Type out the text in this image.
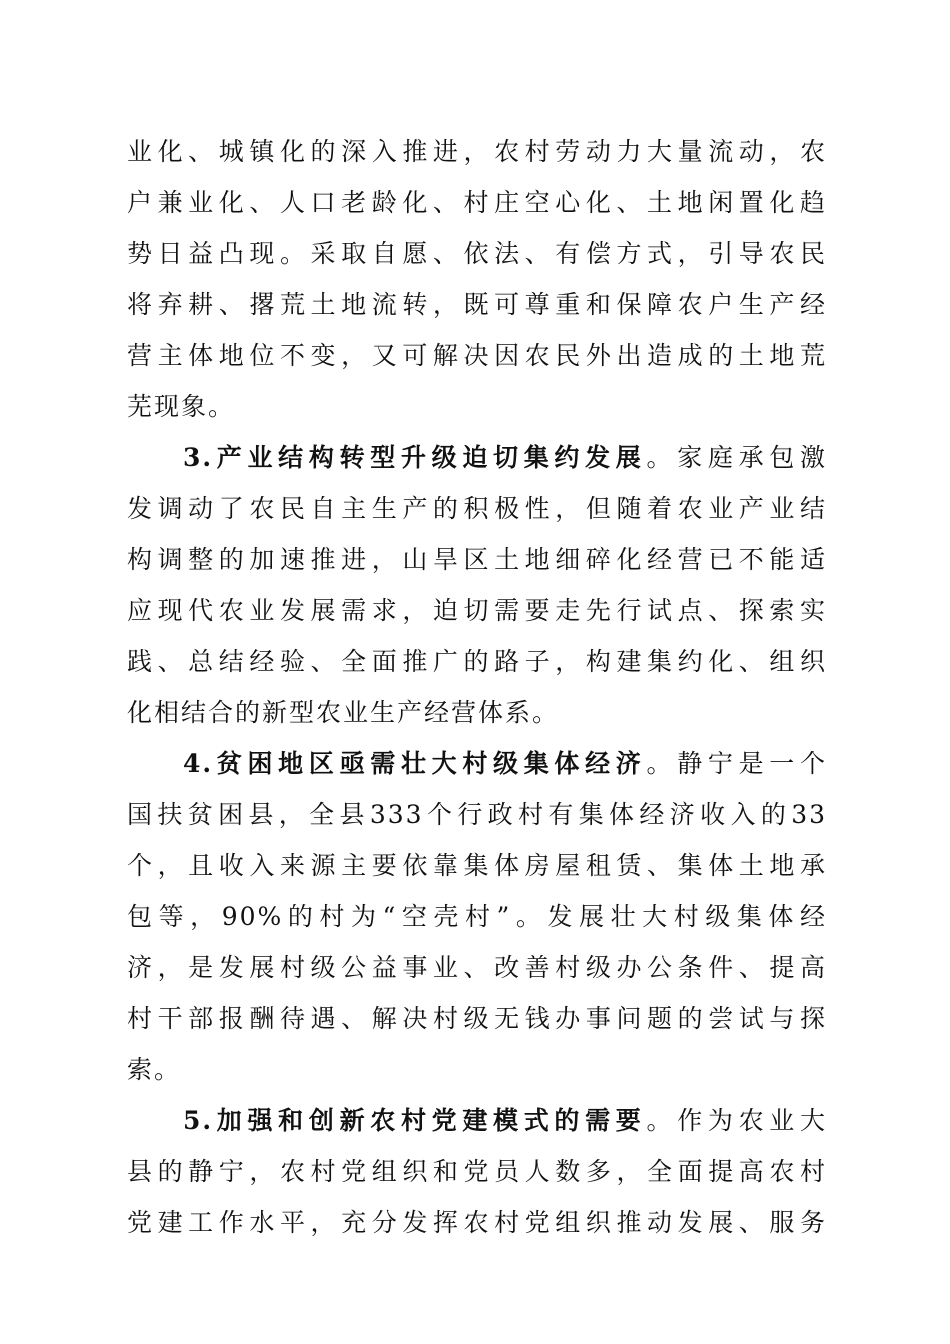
业化、城镇化的深入推进，农村劳动力大量流动，农
户兼业化、人口老龄化、村庄空心化、土地闲置化趋
势日益凸现。采取自愿、依法、有偿方式，引导农民
将弃耕、撂荒土地流转，既可尊重和保障农户生产经
营主体地位不变，又可解决因农民外出造成的土地荒
芜现象。
3.产业结构转型升级迫切集约发展。家庭承包激
发调动了农民自主生产的积极性，但随着农业产业结
构调整的加速推进，山旱区土地细碎化经营已不能适
应现代农业发展需求，迫切需要走先行试点、探索实
践、总结经验、全面推广的路子，构建集约化、组织
化相结合的新型农业生产经营体系。
4.贫困地区亟需壮大村级集体经济。静宁是一个
国扶贫困县，全县333个行政村有集体经济收入的33
个，且收入来源主要依靠集体房屋租赁、集体土地承
包等，90%的村为“空壳村”。发展壮大村级集体经
济，是发展村级公益事业、改善村级办公条件、提高
村干部报酬待遇、解决村级无钱办事问题的尝试与探
索。
5.加强和创新农村党建模式的需要。作为农业大
县的静宁，农村党组织和党员人数多，全面提高农村
党建工作水平，充分发挥农村党组织推动发展、服务
